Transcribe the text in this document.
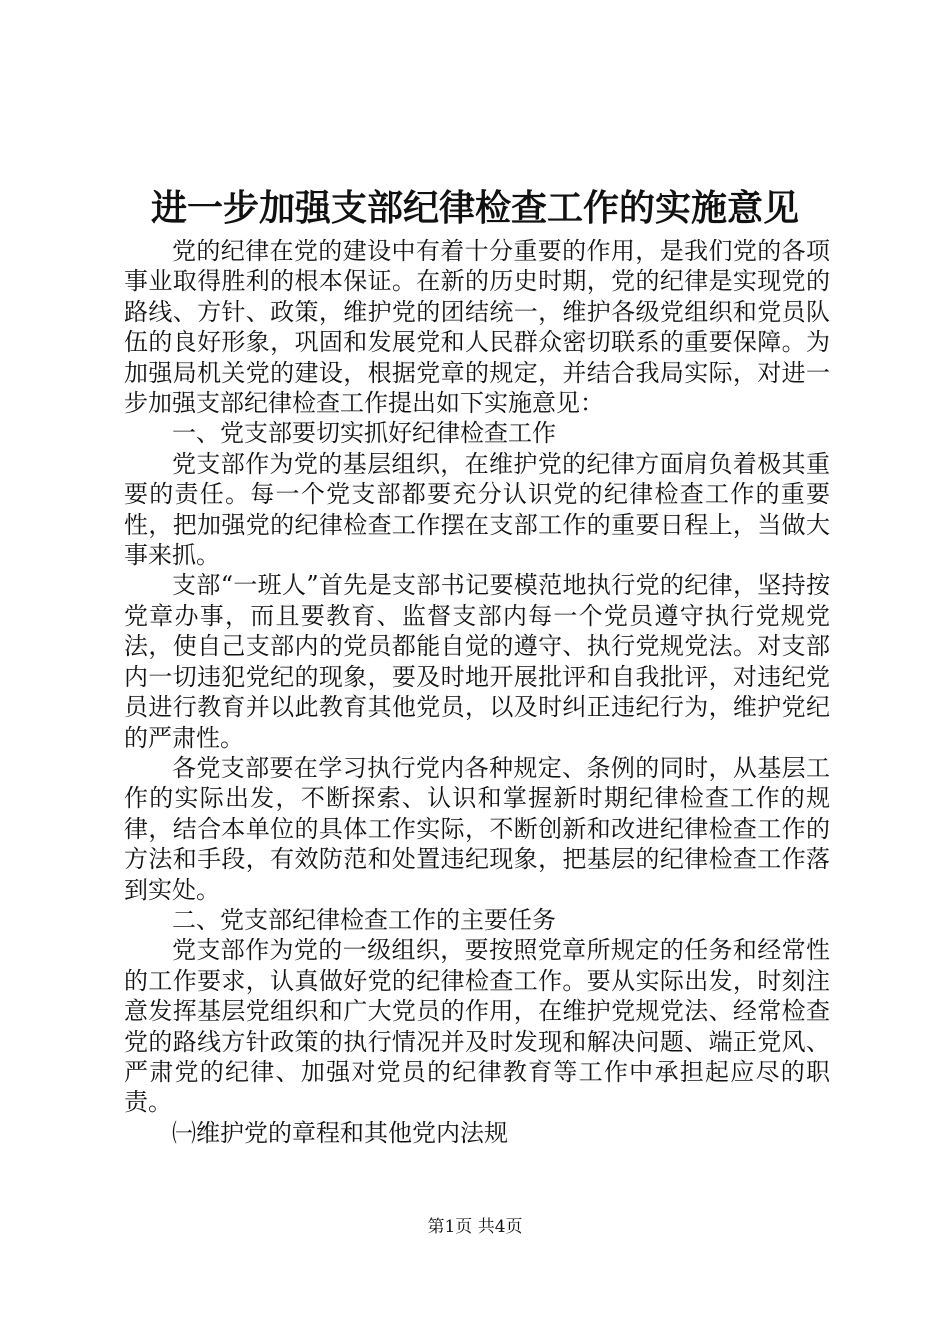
进一步加强支部纪律检查工作的实施意见

党的纪律在党的建设中有着十分重要的作用，是我们党的各项事业取得胜利的根本保证。在新的历史时期，党的纪律是实现党的路线、方针、政策，维护党的团结统一，维护各级党组织和党员队伍的良好形象，巩固和发展党和人民群众密切联系的重要保障。为加强局机关党的建设，根据党章的规定，并结合我局实际，对进一步加强支部纪律检查工作提出如下实施意见：

一、党支部要切实抓好纪律检查工作

党支部作为党的基层组织，在维护党的纪律方面肩负着极其重要的责任。每一个党支部都要充分认识党的纪律检查工作的重要性，把加强党的纪律检查工作摆在支部工作的重要日程上，当做大事来抓。

支部“一班人”首先是支部书记要模范地执行党的纪律，坚持按党章办事，而且要教育、监督支部内每一个党员遵守执行党规党法，使自己支部内的党员都能自觉的遵守、执行党规党法。对支部内一切违犯党纪的现象，要及时地开展批评和自我批评，对违纪党员进行教育并以此教育其他党员，以及时纠正违纪行为，维护党纪的严肃性。

各党支部要在学习执行党内各种规定、条例的同时，从基层工作的实际出发，不断探索、认识和掌握新时期纪律检查工作的规律，结合本单位的具体工作实际，不断创新和改进纪律检查工作的方法和手段，有效防范和处置违纪现象，把基层的纪律检查工作落到实处。

二、党支部纪律检查工作的主要任务

党支部作为党的一级组织，要按照党章所规定的任务和经常性的工作要求，认真做好党的纪律检查工作。要从实际出发，时刻注意发挥基层党组织和广大党员的作用，在维护党规党法、经常检查党的路线方针政策的执行情况并及时发现和解决问题、端正党风、严肃党的纪律、加强对党员的纪律教育等工作中承担起应尽的职责。

㈠维护党的章程和其他党内法规

第1页 共4页
